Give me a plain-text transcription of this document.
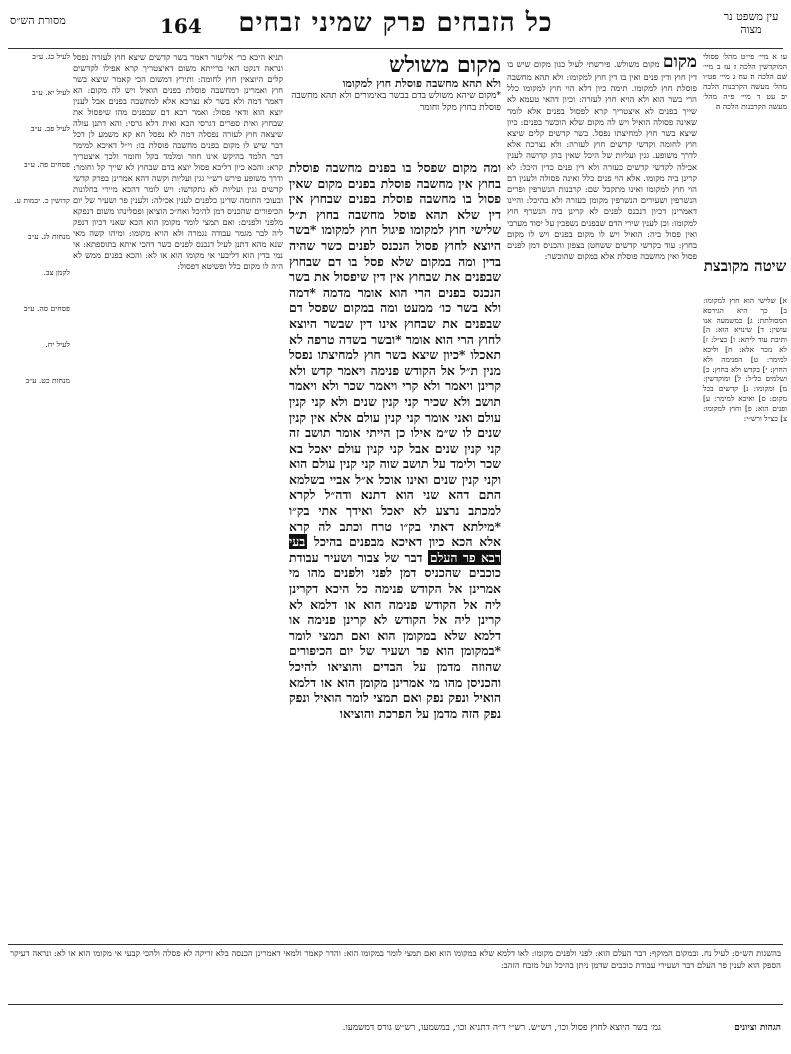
עין משפט נר מצוה
כל הזבחים פרק שמיני זבחים
164
מסורת הש״ס

עו א מיי׳ פי״ט מהל׳ פסולי המוקדשין הלכה ז׃ עז ב מיי׳ שם הלכה ה׃ עח ג מיי׳ פט״ו מהל׳ מעשה הקרבנות הלכה יב׃ עט ד מיי׳ פ״ה מהל׳ מעשה הקרבנות הלכה ה׃

שיטה מקובצת

א] שלישי הוא חוץ למקומו: ב] כך היא הגירסא המסולתת: ג] כמשמעה אנו עושין: ד] שינויא הוא: ה] ותיבת עוד ליתא: ו] כצ״ל: ז] לא נזכר אלא: ח] וליכא למימר: ט] הפנימה ולא החוץ: י] בקדש ולא בחוץ: כ] ושלמים כל״ל: ל] ומוקדשין: מ] ומקומו: נ] קדשים בכל מקום: ס] ואיכא למימר: ע] ופנים הוא: פ] וחוץ למקומו: צ] כצ״ל ורש״י:

מקום מקום משולש. פירשתי לעיל כגון מקום שיש בו דין חוץ ודין פנים ואין בו דין חוץ למקומו: ולא תהא מחשבה פוסלת חוץ למקומו. תימה כיון דלא הוי חוץ למקומו כלל הרי בשר הוא ולא הויא חוץ לעזרה: וכיון דהאי טעמא לא שייך בפנים לא איצטריך קרא לפסול בפנים אלא לומר שאינה פסולה הואיל ויש לה מקום שלא הוכשר בפנים: כיון שיצא בשר חוץ למחיצתו נפסל. בשר קדשים קלים שיצא חוץ לחומה וקדשי קדשים חוץ לעזרה: ולא נצרכה אלא לדרך משופע. גגין ועליות של היכל שאין בהן קדושה לענין אכילה לקדשי קדשים כעזרה ולא דין פנים כדין היכל: לא קרינן ביה מקומו. אלא הוי פנים כלל ואינה פסולה ולענין דם הוי חוץ למקומו ואינו מתקבל שם: קרבנות הנשרפין ופרים הנשרפין ושעירים הנשרפין מקומן בעזרה ולא בהיכל: והיינו דאמרינן דכיון דנכנס לפנים לא קרינן ביה הנשרף חוץ למקומו: וכן לענין שירי הדם שבפנים נשפכין על יסוד מערבי ואין פסול ביה: הואיל ויש לו מקום בפנים ויש לו מקום בחוץ: עוד בקדשי קדשים ששחטן בצפון והכניס דמן לפנים פסול ואין מחשבה פוסלת אלא במקום שהוכשר:
מקום משולש
ולא תהא מחשבה פוסלת חוץ למקומו
*מקום שיהא משולש בדם בבשר באימורים ולא תהא מחשבה פוסלת בחוץ מקל וחומר
ומה מקום שפסל בו בפנים מחשבה פוסלת בחוץ אין מחשבה פוסלת בפנים מקום שאין פסול בו מחשבה פוסלת בפנים שבחוץ אין דין שלא תהא פוסל מחשבה בחוץ ת״ל שלישי חוץ למקומו פיגול חוץ למקומו *בשר היוצא לחוץ פסול הנכנס לפנים כשר שהיה בדין ומה במקום שלא פסל בו דם שבחוץ שבפנים את שבחוץ אין דין שיפסול את בשר הנכנס בפנים הרי הוא אומר מדמה *דמה ולא בשר כו׳ ממעט ומה במקום שפסל דם שבפנים את שבחוץ אינו דין שבשר היוצא לחוץ הרי הוא אומר *ובשר בשדה טרפה לא תאכלו *כיון שיצא בשר חוץ למחיצתו נפסל מנין ת״ל אל הקודש פנימה ויאמר קדש ולא קרינן ויאמר ולא קרי ויאמר שכר ולא ויאמר תושב ולא שכיר קני קנין שנים ולא קני קנין עולם ואני אומר קני קנין עולם אלא אין קנין שנים לו ש״מ אילו כן הייתי אומר תושב זה קני קנין שנים אבל קני קנין עולם יאכל בא שכר ולימד על תושב שוה קני קנין עולם הוא וקני קנין שנים ואינו אוכל א״ל אביי בשלמא התם דהא שני הוא דתנא ודה״ל לקרא למכתב נרצע לא יאכל ואידך אתי בק״ו *מילתא דאתי בק״ו טרח וכתב לה קרא אלא הכא כיון דאיכא מבפנים בהיכל בעי רבא פר העלם דבר של צבור ושעיר עבודת כוכבים שהכניס דמן לפני ולפנים מהו מי אמרינן אל הקודש פנימה כל היכא דקרינן ליה אל הקודש פנימה הוא או דלמא לא קרינן ליה אל הקודש לא קרינן פנימה או דלמא שלא במקומן הוא ואם תמצי לומר *במקומן הוא פר ושעיר של יום הכיפורים שהוזה מדמן על הבדים והוציאו להיכל והכניסן מהו מי אמרינן מקומן הוא או דלמא הואיל ונפק נפק ואם תמצי לומר הואיל ונפק נפק הזה מדמן על הפרכת והוציאו

תניא היכא כר׳ אליעזר דאמר בשר קדשים שיצא חוץ לעזרה נפסל ונראה דנקט האי ברייתא משום דאיצטריך קרא אפילו לקדשים קלים היוצאין חוץ לחומה: ותירץ דמשום הכי קאמר שיצא בשר חוץ ואמרינן דמחשבה פוסלת בפנים הואיל ויש לה מקום: הא דאמר דמה ולא בשר לא נצרכא אלא למחשבה בפנים אבל לענין יוצא הוא ודאי פסול: ואמר רבא דם שבפנים מהו שיפסול את שבחוץ ואית ספרים דגרסי הכא ואית דלא גרסי: והא דתנן עולה שיצאה חוץ לעזרה נפסלה דמה לא נפסל הא קא משמע לן דכל דבר שיש לו מקום בפנים מחשבה פוסלת בו: וי״ל דאיכא למימר דבר הלמד בהיקש אינו חוזר ומלמד בקל וחומר ולכך איצטריך קרא: והכא כיון דליכא פסול יוצא בדם שבחוץ לא שייך קל וחומר: ודרך משופע פירש רש״י גגין ועליות וקשה דהא אמרינן בפרק קדשי קדשים גגין ועליות לא נתקדשו: ויש לומר דהכא מיירי בחלונות ובעובי החומה שדינן כלפנים לענין אכילה: ולענין פר ושעיר של יום הכיפורים שהכניס דמן להיכל ואח״כ הוציאן ופסלינהו משום דנפקא מלפני ולפנים: ואם תמצי לומר מקומן הוא הכא שאני דכיון דנפק ליה לבר מגמר עבודה נגמרה ולא הויא מקומו: ומיהו קשה מאי שנא מהא דתנן לעיל דנכנס לפנים כשר דהכי איתא בתוספתא: אי נמי בדין הוא דליבעי אי מקומו הוא או לא: והכא בפנים ממש לא היה לו מקום כלל ופשיטא דפסול:

לעיל כג. ע״ב

לעיל יא. ע״ב

לעיל פב. ע״ב

פסחים פה. ע״ב

קדושין כ. יבמות ע.

מנחות לג. ע״ב

לקמן צב.

פסחים סה. ע״ב

לעיל יח.

מנחות כט. ע״ב

בהשגות הש״ס: לעיל נח. ובמקום המוקף: דבר העלם הוא: לפני ולפנים מקומו: לאו דלמא שלא במקומו הוא ואם תמצי לומר במקומו הוא: והדר קאמר ולמאי דאמרינן הכנסה בלא זריקה לא פסלה ולהכי קבעי אי מקומו הוא או לא: ונראה דעיקר הספק הוא לענין פר העלם דבר ושעירי עבודת כוכבים שדמן ניתן בהיכל ועל מזבח הזהב:
הגהות וציונים
גמ׳ בשר היוצא לחוץ פסול וכו׳, רש״ש. רש״י ד״ה דתניא וכו׳, במשמעו, רש״ש גורס דמשמעו.
